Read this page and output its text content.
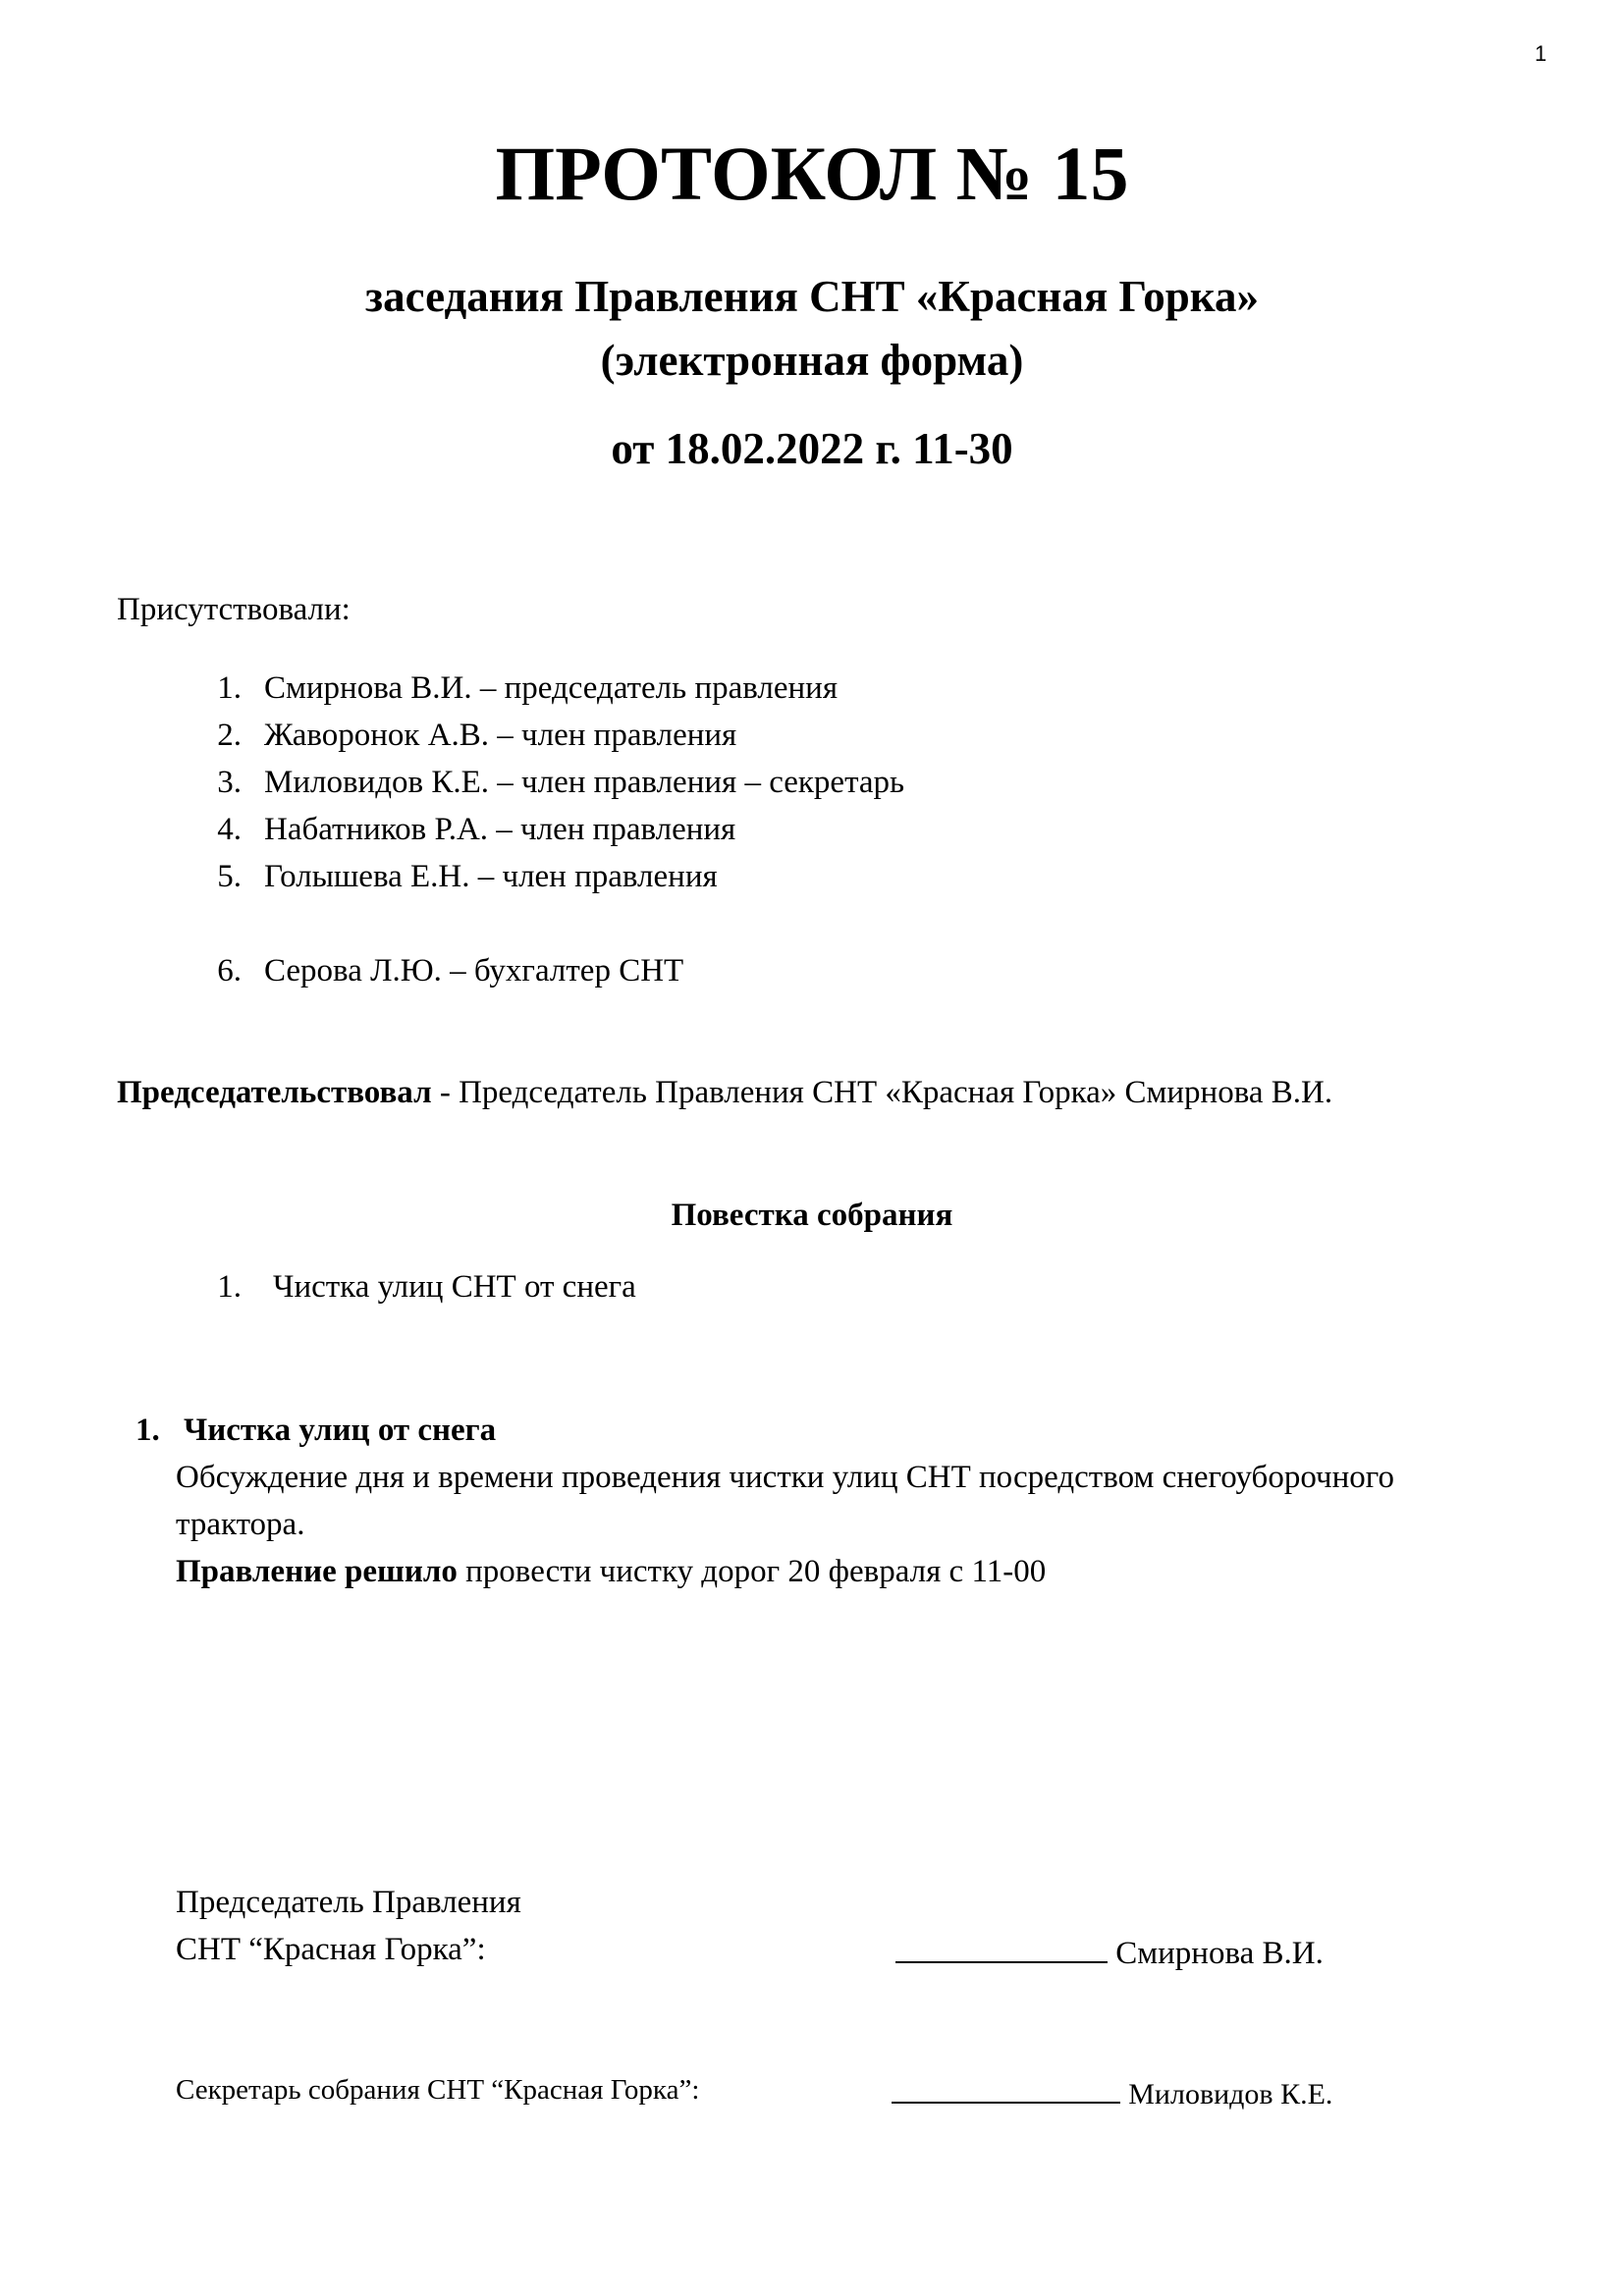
1
ПРОТОКОЛ № 15
заседания Правления СНТ «Красная Горка»
(электронная форма)
от 18.02.2022 г. 11-30
Присутствовали:
1. Смирнова В.И. – председатель правления
2. Жаворонок А.В. – член правления
3. Миловидов К.Е. – член правления – секретарь
4. Набатников Р.А. – член правления
5. Голышева Е.Н. – член правления
6. Серова Л.Ю. – бухгалтер СНТ
Председательствовал - Председатель Правления СНТ «Красная Горка» Смирнова В.И.
Повестка собрания
1. Чистка улиц СНТ от снега
1. Чистка улиц от снега
Обсуждение дня и времени проведения чистки улиц СНТ посредством снегоуборочного
трактора.
Правление решило провести чистку дорог 20 февраля с 11-00
Председатель Правления
СНТ “Красная Горка”:	Смирнова В.И.
Секретарь собрания СНТ “Красная Горка”:	Миловидов К.Е.
